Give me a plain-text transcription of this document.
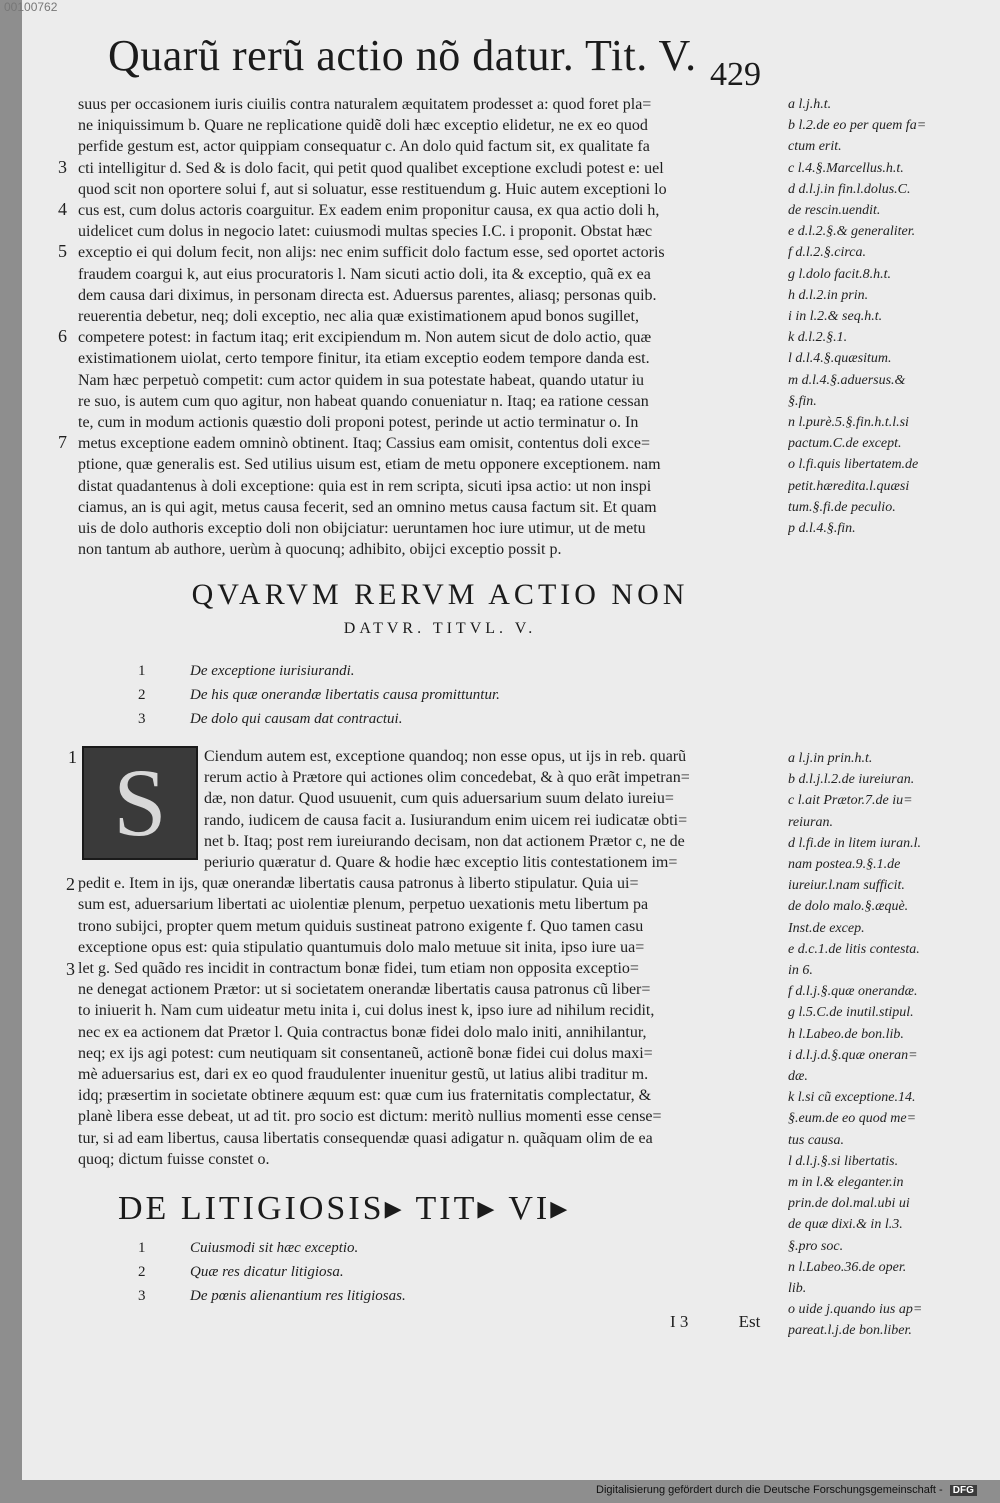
00100762
Quarũ rerũ actio nõ datur. Tit. V. 429
suus per occasionem iuris ciuilis contra naturalem æquitatem prodesset a: quod foret pla=
ne iniquissimum b. Quare ne replicatione quidẽ doli hæc exceptio elidetur, ne ex eo quod
perfide gestum est, actor quippiam consequatur c. An dolo quid factum sit, ex qualitate fa
cti intelligitur d. Sed & is dolo facit, qui petit quod qualibet exceptione excludi potest e: uel
quod scit non oportere solui f, aut si soluatur, esse restituendum g. Huic autem exceptioni lo
cus est, cum dolus actoris coarguitur. Ex eadem enim proponitur causa, ex qua actio doli h,
uidelicet cum dolus in negocio latet: cuiusmodi multas species I.C. i proponit. Obstat hæc
exceptio ei qui dolum fecit, non alijs: nec enim sufficit dolo factum esse, sed oportet actoris
fraudem coargui k, aut eius procuratoris l. Nam sicuti actio doli, ita & exceptio, quã ex ea
dem causa dari diximus, in personam directa est. Aduersus parentes, aliasq; personas quib.
reuerentia debetur, neq; doli exceptio, nec alia quæ existimationem apud bonos sugillet,
competere potest: in factum itaq; erit excipiendum m. Non autem sicut de dolo actio, quæ
existimationem uiolat, certo tempore finitur, ita etiam exceptio eodem tempore danda est.
Nam hæc perpetuò competit: cum actor quidem in sua potestate habeat, quando utatur iu
re suo, is autem cum quo agitur, non habeat quando conueniatur n. Itaq; ea ratione cessan
te, cum in modum actionis quæstio doli proponi potest, perinde ut actio terminatur o. In
metus exceptione eadem omninò obtinent. Itaq; Cassius eam omisit, contentus doli exce=
ptione, quæ generalis est. Sed utilius uisum est, etiam de metu opponere exceptionem. nam
distat quadantenus à doli exceptione: quia est in rem scripta, sicuti ipsa actio: ut non inspi
ciamus, an is qui agit, metus causa fecerit, sed an omnino metus causa factum sit. Et quam
uis de dolo authoris exceptio doli non obijciatur: ueruntamen hoc iure utimur, ut de metu
non tantum ab authore, uerùm à quocunq; adhibito, obijci exceptio possit p.
3
4
5
6
7
a l.j.h.t.
b l.2.de eo per quem fa=
ctum erit.
c l.4.§.Marcellus.h.t.
d d.l.j.in fin.l.dolus.C.
de rescin.uendit.
e d.l.2.§.& generaliter.
f d.l.2.§.circa.
g l.dolo facit.8.h.t.
h d.l.2.in prin.
i in l.2.& seq.h.t.
k d.l.2.§.1.
l d.l.4.§.quæsitum.
m d.l.4.§.aduersus.&
§.fin.
n l.purè.5.§.fin.h.t.l.si
pactum.C.de except.
o l.fi.quis libertatem.de
petit.hæredita.l.quæsi
tum.§.fi.de peculio.
p d.l.4.§.fin.
QVARVM RERVM ACTIO NON
DATVR. TITVL. V.
1	De exceptione iurisiurandi.
2	De his quæ onerandæ libertatis causa promittuntur.
3	De dolo qui causam dat contractui.
S	Ciendum autem est, exceptione quandoq; non esse opus, ut ijs in reb. quarũ
rerum actio à Prætore qui actiones olim concedebat, & à quo erãt impetran=
dæ, non datur. Quod usuuenit, cum quis aduersarium suum delato iureiu=
rando, iudicem de causa facit a. Iusiurandum enim uicem rei iudicatæ obti=
net b. Itaq; post rem iureiurando decisam, non dat actionem Prætor c, ne de
periurio quæratur d. Quare & hodie hæc exceptio litis contestationem im=
pedit e. Item in ijs, quæ onerandæ libertatis causa patronus à liberto stipulatur. Quia ui=
sum est, aduersarium libertati ac uiolentiæ plenum, perpetuo uexationis metu libertum pa
trono subijci, propter quem metum quiduis sustineat patrono exigente f. Quo tamen casu
exceptione opus est: quia stipulatio quantumuis dolo malo metuue sit inita, ipso iure ua=
let g. Sed quãdo res incidit in contractum bonæ fidei, tum etiam non opposita exceptio=
ne denegat actionem Prætor: ut si societatem onerandæ libertatis causa patronus cũ liber=
to iniuerit h. Nam cum uideatur metu inita i, cui dolus inest k, ipso iure ad nihilum recidit,
nec ex ea actionem dat Prætor l. Quia contractus bonæ fidei dolo malo initi, annihilantur,
neq; ex ijs agi potest: cum neutiquam sit consentaneũ, actionẽ bonæ fidei cui dolus maxi=
mè aduersarius est, dari ex eo quod fraudulenter inuenitur gestũ, ut latius alibi traditur m.
idq; præsertim in societate obtinere æquum est: quæ cum ius fraternitatis complectatur, &
planè libera esse debeat, ut ad tit. pro socio est dictum: meritò nullius momenti esse cense=
tur, si ad eam libertus, causa libertatis consequendæ quasi adigatur n. quãquam olim de ea
quoq; dictum fuisse constet o.
1
2
3
a l.j.in prin.h.t.
b d.l.j.l.2.de iureiuran.
c l.ait Prætor.7.de iu=
reiuran.
d l.fi.de in litem iuran.l.
nam postea.9.§.1.de
iureiur.l.nam sufficit.
de dolo malo.§.æquè.
Inst.de excep.
e d.c.1.de litis contesta.
in 6.
f d.l.j.§.quæ onerandæ.
g l.5.C.de inutil.stipul.
h l.Labeo.de bon.lib.
i d.l.j.d.§.quæ oneran=
dæ.
k l.si cũ exceptione.14.
§.eum.de eo quod me=
tus causa.
l d.l.j.§.si libertatis.
m in l.& eleganter.in
prin.de dol.mal.ubi ui
de quæ dixi.& in l.3.
§.pro soc.
n l.Labeo.36.de oper.
lib.
o uide j.quando ius ap=
pareat.l.j.de bon.liber.
DE LITIGIOSIS▸ TIT▸ VI▸
1	Cuiusmodi sit hæc exceptio.
2	Quæ res dicatur litigiosa.
3	De pœnis alienantium res litigiosas.
I 3	Est
Digitalisierung gefördert durch die Deutsche Forschungsgemeinschaft - DFG
